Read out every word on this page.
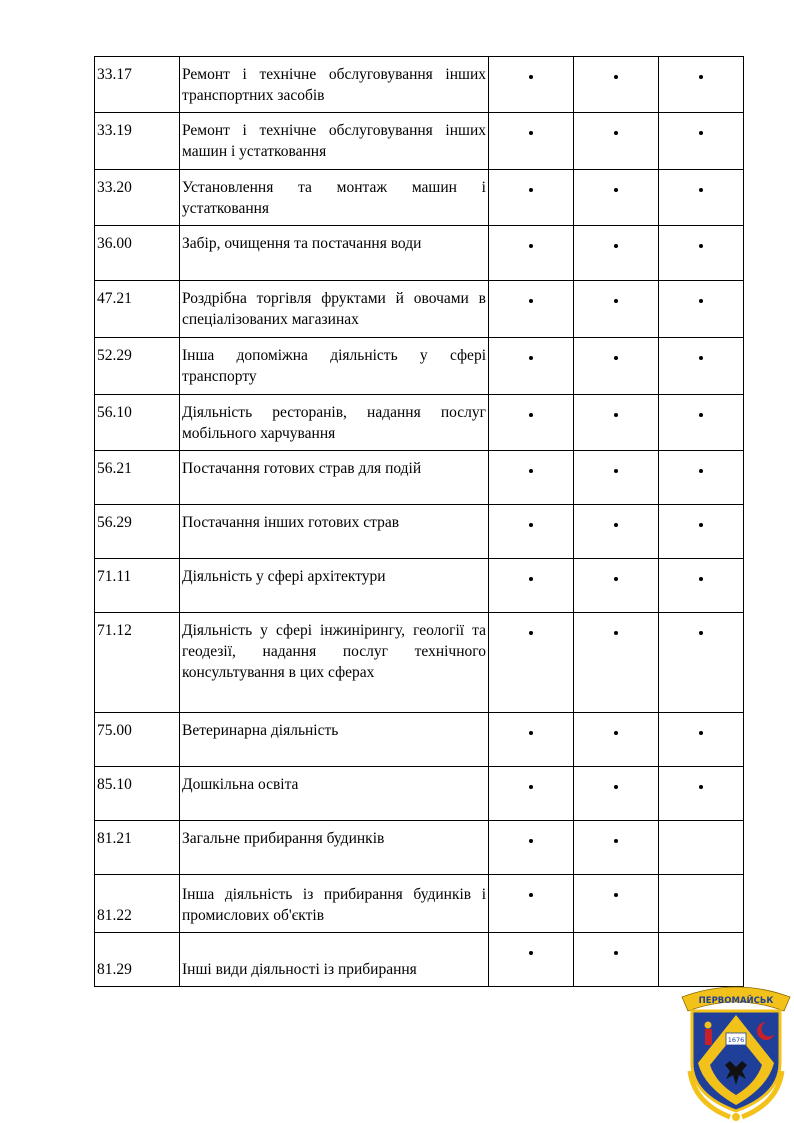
33.17	Ремонт і технічне обслуговування інших транспортних засобів			
33.19	Ремонт і технічне обслуговування інших машин і устатковання			
33.20	Установлення та монтаж машин і устатковання			
36.00	Забір, очищення та постачання води			
47.21	Роздрібна торгівля фруктами й овочами в спеціалізованих магазинах			
52.29	Інша допоміжна діяльність у сфері транспорту			
56.10	Діяльність ресторанів, надання послуг мобільного харчування			
56.21	Постачання готових страв для подій			
56.29	Постачання інших готових страв			
71.11	Діяльність у сфері архітектури			
71.12	Діяльність у сфері інжинірингу, геології та геодезії, надання послуг технічного консультування в цих сферах			
75.00	Ветеринарна діяльність			
85.10	Дошкільна освіта			
81.21	Загальне прибирання будинків			
81.22	Інша діяльність із прибирання будинків і промислових об'єктів			
81.29	Інші види діяльності із прибирання			
ПЕРВОМАЙСЬК
1676
